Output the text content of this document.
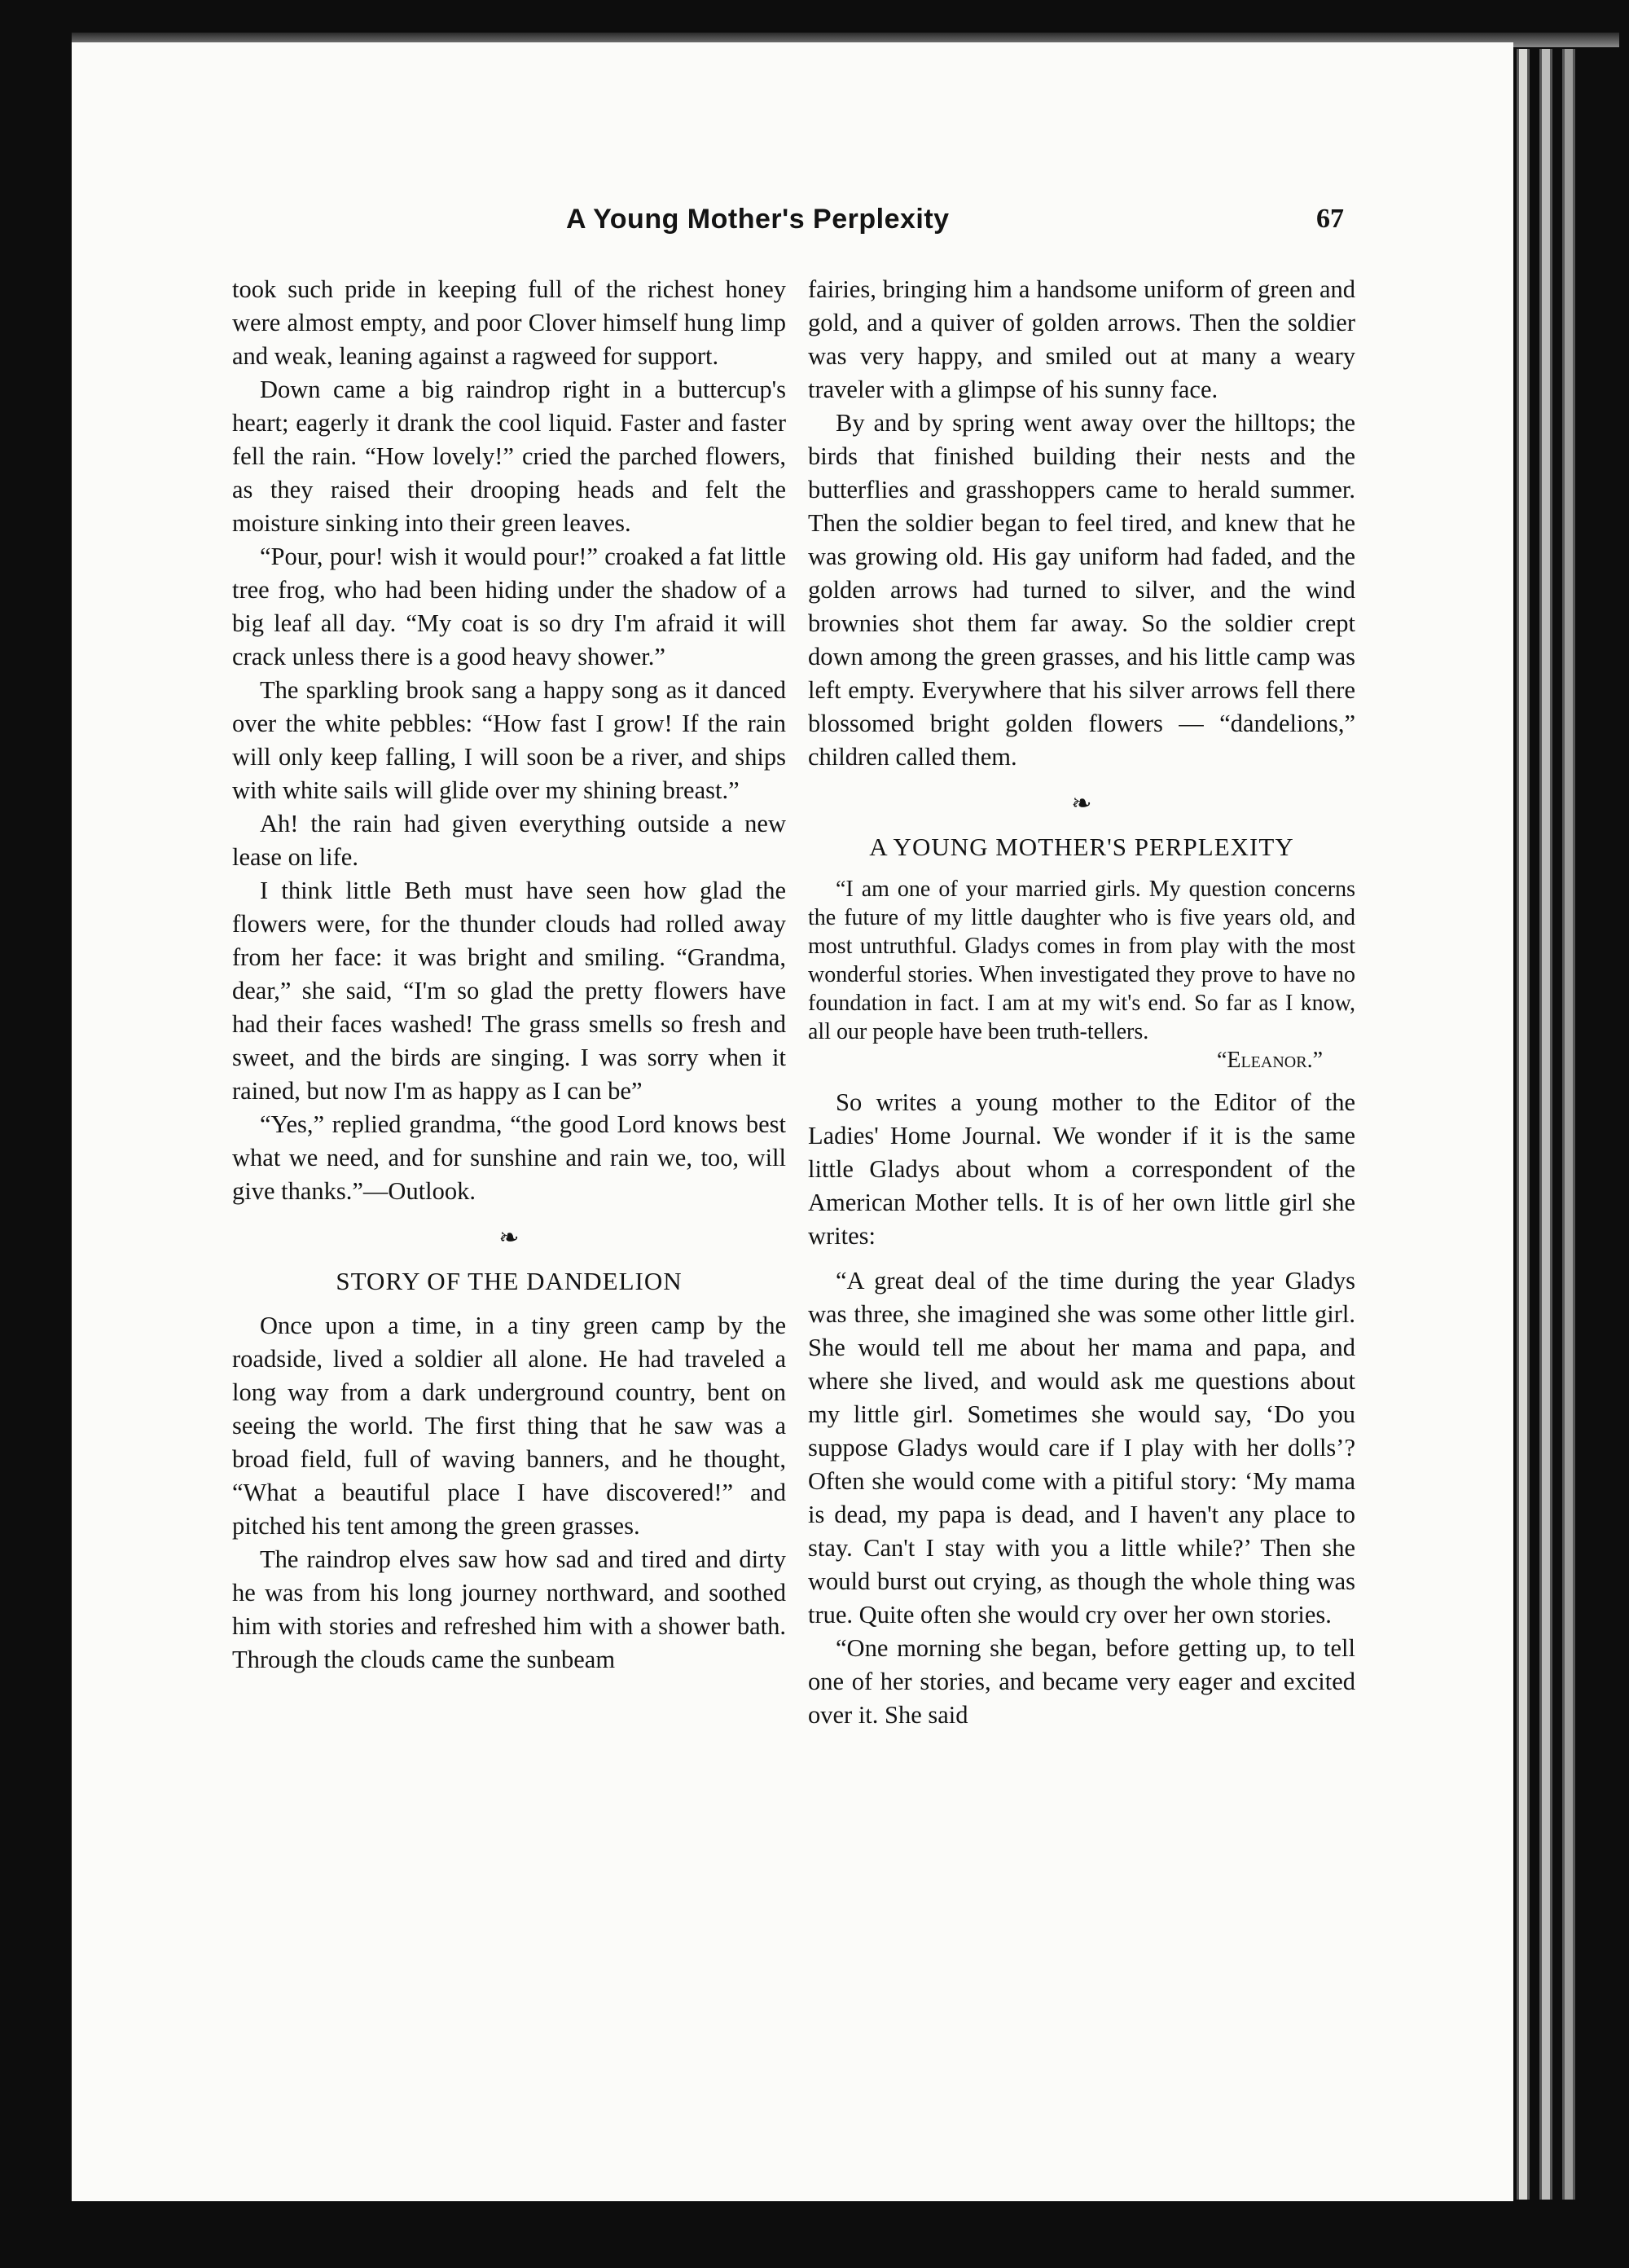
A Young Mother's Perplexity	67

took such pride in keeping full of the richest honey were almost empty, and poor Clover himself hung limp and weak, leaning against a ragweed for support.

Down came a big raindrop right in a buttercup's heart; eagerly it drank the cool liquid. Faster and faster fell the rain. “How lovely!” cried the parched flowers, as they raised their drooping heads and felt the moisture sinking into their green leaves.

“Pour, pour! wish it would pour!” croaked a fat little tree frog, who had been hiding under the shadow of a big leaf all day. “My coat is so dry I'm afraid it will crack unless there is a good heavy shower.”

The sparkling brook sang a happy song as it danced over the white pebbles: “How fast I grow! If the rain will only keep falling, I will soon be a river, and ships with white sails will glide over my shining breast.”

Ah! the rain had given everything outside a new lease on life.

I think little Beth must have seen how glad the flowers were, for the thunder clouds had rolled away from her face: it was bright and smiling. “Grandma, dear,” she said, “I'm so glad the pretty flowers have had their faces washed! The grass smells so fresh and sweet, and the birds are singing. I was sorry when it rained, but now I'm as happy as I can be”

“Yes,” replied grandma, “the good Lord knows best what we need, and for sunshine and rain we, too, will give thanks.”—Outlook.

❧
STORY OF THE DANDELION

Once upon a time, in a tiny green camp by the roadside, lived a soldier all alone. He had traveled a long way from a dark underground country, bent on seeing the world. The first thing that he saw was a broad field, full of waving banners, and he thought, “What a beautiful place I have discovered!” and pitched his tent among the green grasses.

The raindrop elves saw how sad and tired and dirty he was from his long journey northward, and soothed him with stories and refreshed him with a shower bath. Through the clouds came the sunbeam

fairies, bringing him a handsome uniform of green and gold, and a quiver of golden arrows. Then the soldier was very happy, and smiled out at many a weary traveler with a glimpse of his sunny face.

By and by spring went away over the hilltops; the birds that finished building their nests and the butterflies and grasshoppers came to herald summer. Then the soldier began to feel tired, and knew that he was growing old. His gay uniform had faded, and the golden arrows had turned to silver, and the wind brownies shot them far away. So the soldier crept down among the green grasses, and his little camp was left empty. Everywhere that his silver arrows fell there blossomed bright golden flowers — “dandelions,” children called them.

❧
A YOUNG MOTHER'S PERPLEXITY

“I am one of your married girls. My question concerns the future of my little daughter who is five years old, and most untruthful. Gladys comes in from play with the most wonderful stories. When investigated they prove to have no foundation in fact. I am at my wit's end. So far as I know, all our people have been truth-tellers.

“Eleanor.”

So writes a young mother to the Editor of the Ladies' Home Journal. We wonder if it is the same little Gladys about whom a correspondent of the American Mother tells. It is of her own little girl she writes:

“A great deal of the time during the year Gladys was three, she imagined she was some other little girl. She would tell me about her mama and papa, and where she lived, and would ask me questions about my little girl. Sometimes she would say, ‘Do you suppose Gladys would care if I play with her dolls’? Often she would come with a pitiful story: ‘My mama is dead, my papa is dead, and I haven't any place to stay. Can't I stay with you a little while?’ Then she would burst out crying, as though the whole thing was true. Quite often she would cry over her own stories.

“One morning she began, before getting up, to tell one of her stories, and became very eager and excited over it. She said
